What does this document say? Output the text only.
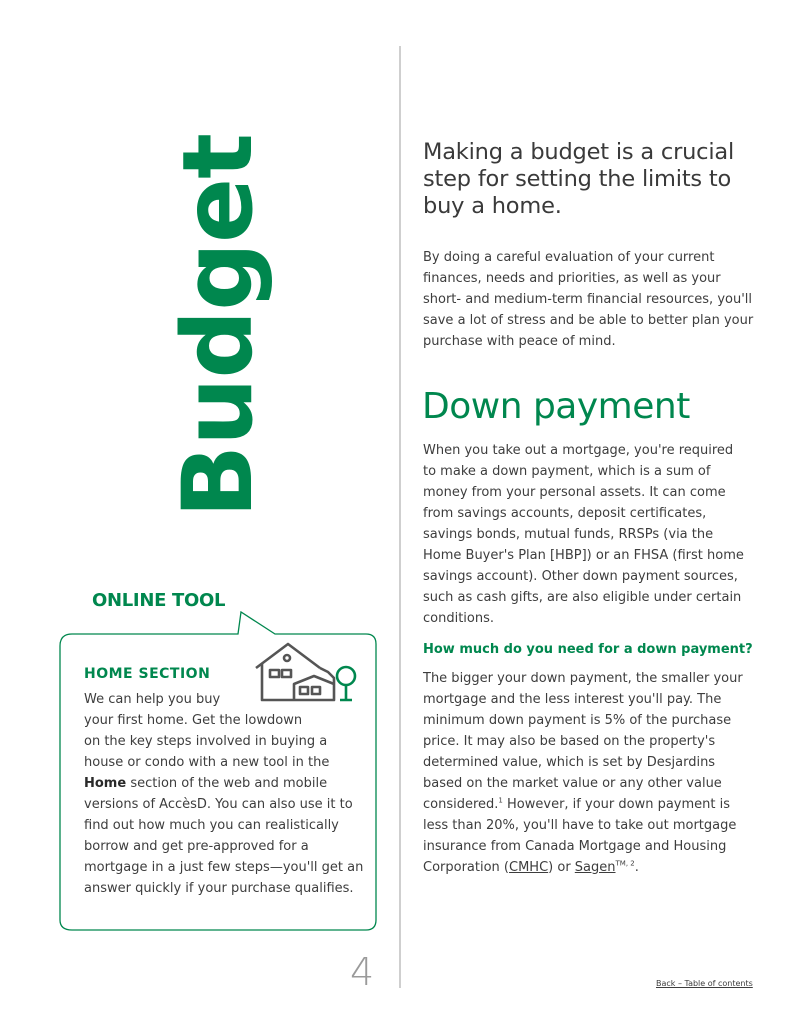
Budget
ONLINE TOOL
HOME SECTION
We can help you buy
your first home. Get the lowdown
on the key steps involved in buying a
house or condo with a new tool in the
Home section of the web and mobile
versions of AccèsD. You can also use it to
find out how much you can realistically
borrow and get pre-approved for a
mortgage in a just few steps—you'll get an
answer quickly if your purchase qualifies.
Making a budget is a crucial
step for setting the limits to
buy a home.
By doing a careful evaluation of your current
finances, needs and priorities, as well as your
short- and medium-term financial resources, you'll
save a lot of stress and be able to better plan your
purchase with peace of mind.
Down payment
When you take out a mortgage, you're required
to make a down payment, which is a sum of
money from your personal assets. It can come
from savings accounts, deposit certificates,
savings bonds, mutual funds, RRSPs (via the
Home Buyer's Plan [HBP]) or an FHSA (first home
savings account). Other down payment sources,
such as cash gifts, are also eligible under certain
conditions.
How much do you need for a down payment?
The bigger your down payment, the smaller your
mortgage and the less interest you'll pay. The
minimum down payment is 5% of the purchase
price. It may also be based on the property's
determined value, which is set by Desjardins
based on the market value or any other value
considered.$^1$ However, if your down payment is
less than 20%, you'll have to take out mortgage
insurance from Canada Mortgage and Housing
Corporation (CMHC) or Sagen$^{TM, 2}$.
4	Back – Table of contents
